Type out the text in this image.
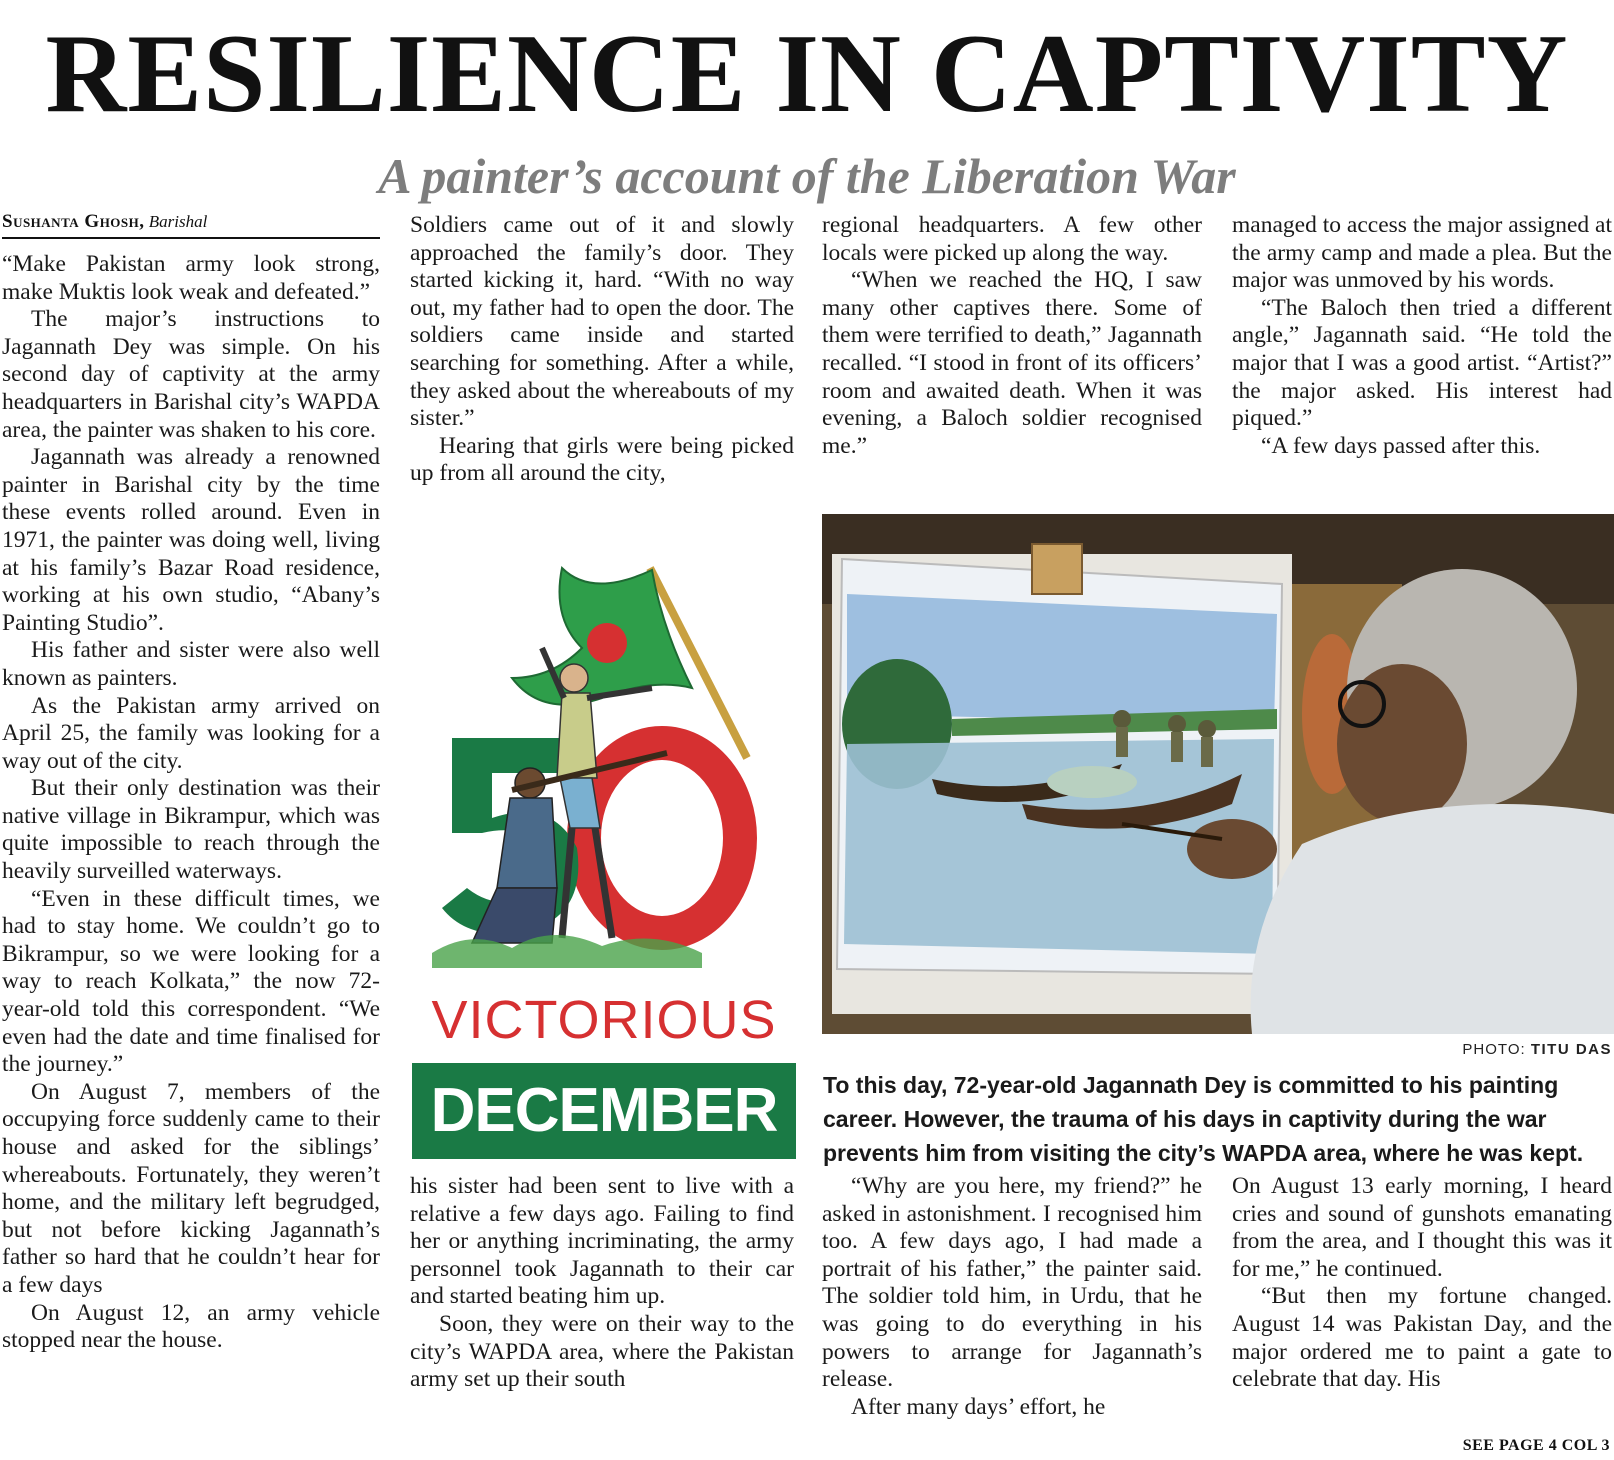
RESILIENCE IN CAPTIVITY
A painter’s account of the Liberation War
Sushanta Ghosh, Barishal

“Make Pakistan army look strong, make Muktis look weak and defeated.”

The major’s instructions to Jagannath Dey was simple. On his second day of captivity at the army headquarters in Barishal city’s WAPDA area, the painter was shaken to his core.

Jagannath was already a renowned painter in Barishal city by the time these events rolled around. Even in 1971, the painter was doing well, living at his family’s Bazar Road residence, working at his own studio, “Abany’s Painting Studio”.

His father and sister were also well known as painters.

As the Pakistan army arrived on April 25, the family was looking for a way out of the city.

But their only destination was their native village in Bikrampur, which was quite impossible to reach through the heavily surveilled waterways.

“Even in these difficult times, we had to stay home. We couldn’t go to Bikrampur, so we were looking for a way to reach Kolkata,” the now 72-year-old told this correspondent. “We even had the date and time finalised for the journey.”

On August 7, members of the occupying force suddenly came to their house and asked for the siblings’ whereabouts. Fortunately, they weren’t home, and the military left begrudged, but not before kicking Jagannath’s father so hard that he couldn’t hear for a few days

On August 12, an army vehicle stopped near the house.

Soldiers came out of it and slowly approached the family’s door. They started kicking it, hard. “With no way out, my father had to open the door. The soldiers came inside and started searching for something. After a while, they asked about the whereabouts of my sister.”

Hearing that girls were being picked up from all around the city,

VICTORIOUS
DECEMBER

his sister had been sent to live with a relative a few days ago. Failing to find her or anything incriminating, the army personnel took Jagannath to their car and started beating him up.

Soon, they were on their way to the city’s WAPDA area, where the Pakistan army set up their south

regional headquarters. A few other locals were picked up along the way.

“When we reached the HQ, I saw many other captives there. Some of them were terrified to death,” Jagannath recalled. “I stood in front of its officers’ room and awaited death. When it was evening, a Baloch soldier recognised me.”

managed to access the major assigned at the army camp and made a plea. But the major was unmoved by his words.

“The Baloch then tried a different angle,” Jagannath said. “He told the major that I was a good artist. “Artist?” the major asked. His interest had piqued.”

“A few days passed after this.

PHOTO: TITU DAS
To this day, 72-year-old Jagannath Dey is committed to his painting career. However, the trauma of his days in captivity during the war prevents him from visiting the city’s WAPDA area, where he was kept.

“Why are you here, my friend?” he asked in astonishment. I recognised him too. A few days ago, I had made a portrait of his father,” the painter said. The soldier told him, in Urdu, that he was going to do everything in his powers to arrange for Jagannath’s release.

After many days’ effort, he

On August 13 early morning, I heard cries and sound of gunshots emanating from the area, and I thought this was it for me,” he continued.

“But then my fortune changed. August 14 was Pakistan Day, and the major ordered me to paint a gate to celebrate that day. His

SEE PAGE 4 COL 3
